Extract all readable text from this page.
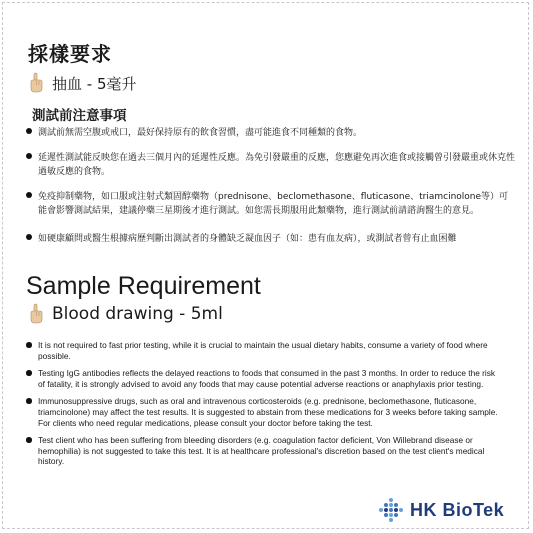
採樣要求
抽血 - 5毫升
測試前注意事項
測試前無需空腹或戒口，最好保持原有的飲食習慣，盡可能進食不同種類的食物。
延遲性測試能反映您在過去三個月內的延遲性反應。為免引發嚴重的反應，您應避免再次進食或接觸曾引發嚴重或休克性過敏反應的食物。
免疫抑制藥物，如口服或注射式類固醇藥物（prednisone、beclomethasone、fluticasone、triamcinolone等）可能會影響測試結果，建議停藥三星期後才進行測試。如您需長期服用此類藥物，進行測試前請諮詢醫生的意見。
如硬康顧問或醫生根據病歷判斷出測試者的身體缺乏凝血因子（如：患有血友病），或測試者曾有止血困難
Sample Requirement
Blood drawing - 5ml
It is not required to fast prior testing, while it is crucial to maintain the usual dietary habits, consume a variety of food where possible.
Testing IgG antibodies reflects the delayed reactions to foods that consumed in the past 3 months. In order to reduce the risk of fatality, it is strongly advised to avoid any foods that may cause potential adverse reactions or anaphylaxis prior testing.
Immunosuppressive drugs, such as oral and intravenous corticosteroids (e.g. prednisone, beclomethasone, fluticasone, triamcinolone) may affect the test results. It is suggested to abstain from these medications for 3 weeks before taking sample. For clients who need regular medications, please consult your doctor before taking the test.
Test client who has been suffering from bleeding disorders (e.g. coagulation factor deficient, Von Willebrand disease or hemophilia) is not suggested to take this test. It is at healthcare professional's discretion based on the test client's medical history.
HK BioTek
